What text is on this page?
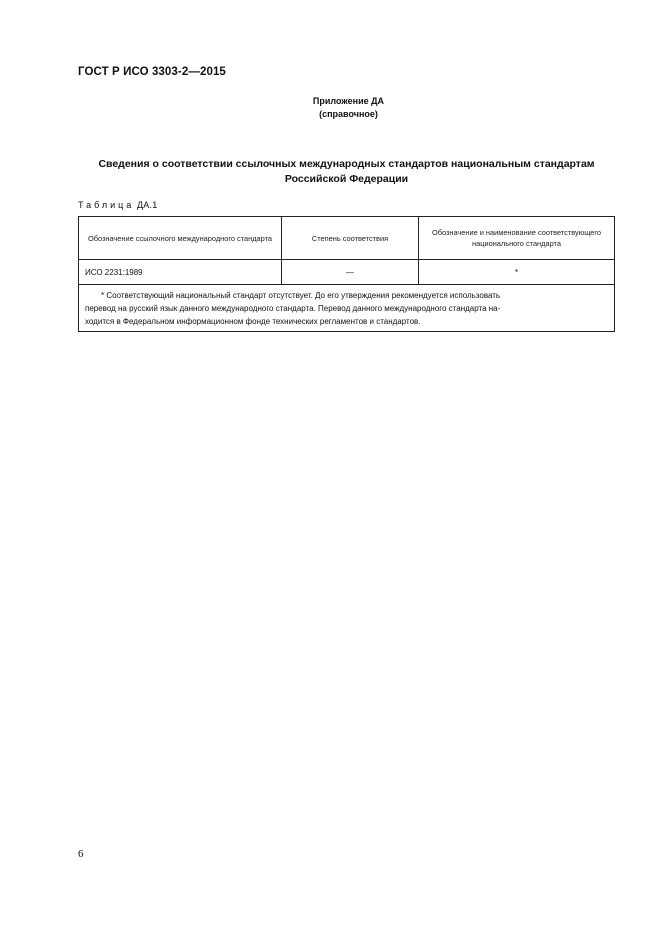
ГОСТ Р ИСО 3303-2—2015
Приложение ДА
(справочное)
Сведения о соответствии ссылочных международных стандартов национальным стандартам
Российской Федерации
Таблица ДА.1
Обозначение ссылочного международного стандарта	Степень соответствия	Обозначение и наименование соответствующего национального стандарта
ИСО 2231:1989	—	*

* Соответствующий национальный стандарт отсутствует. До его утверждения рекомендуется использовать
перевод на русский язык данного международного стандарта. Перевод данного международного стандарта на-
ходится в Федеральном информационном фонде технических регламентов и стандартов.		
6
